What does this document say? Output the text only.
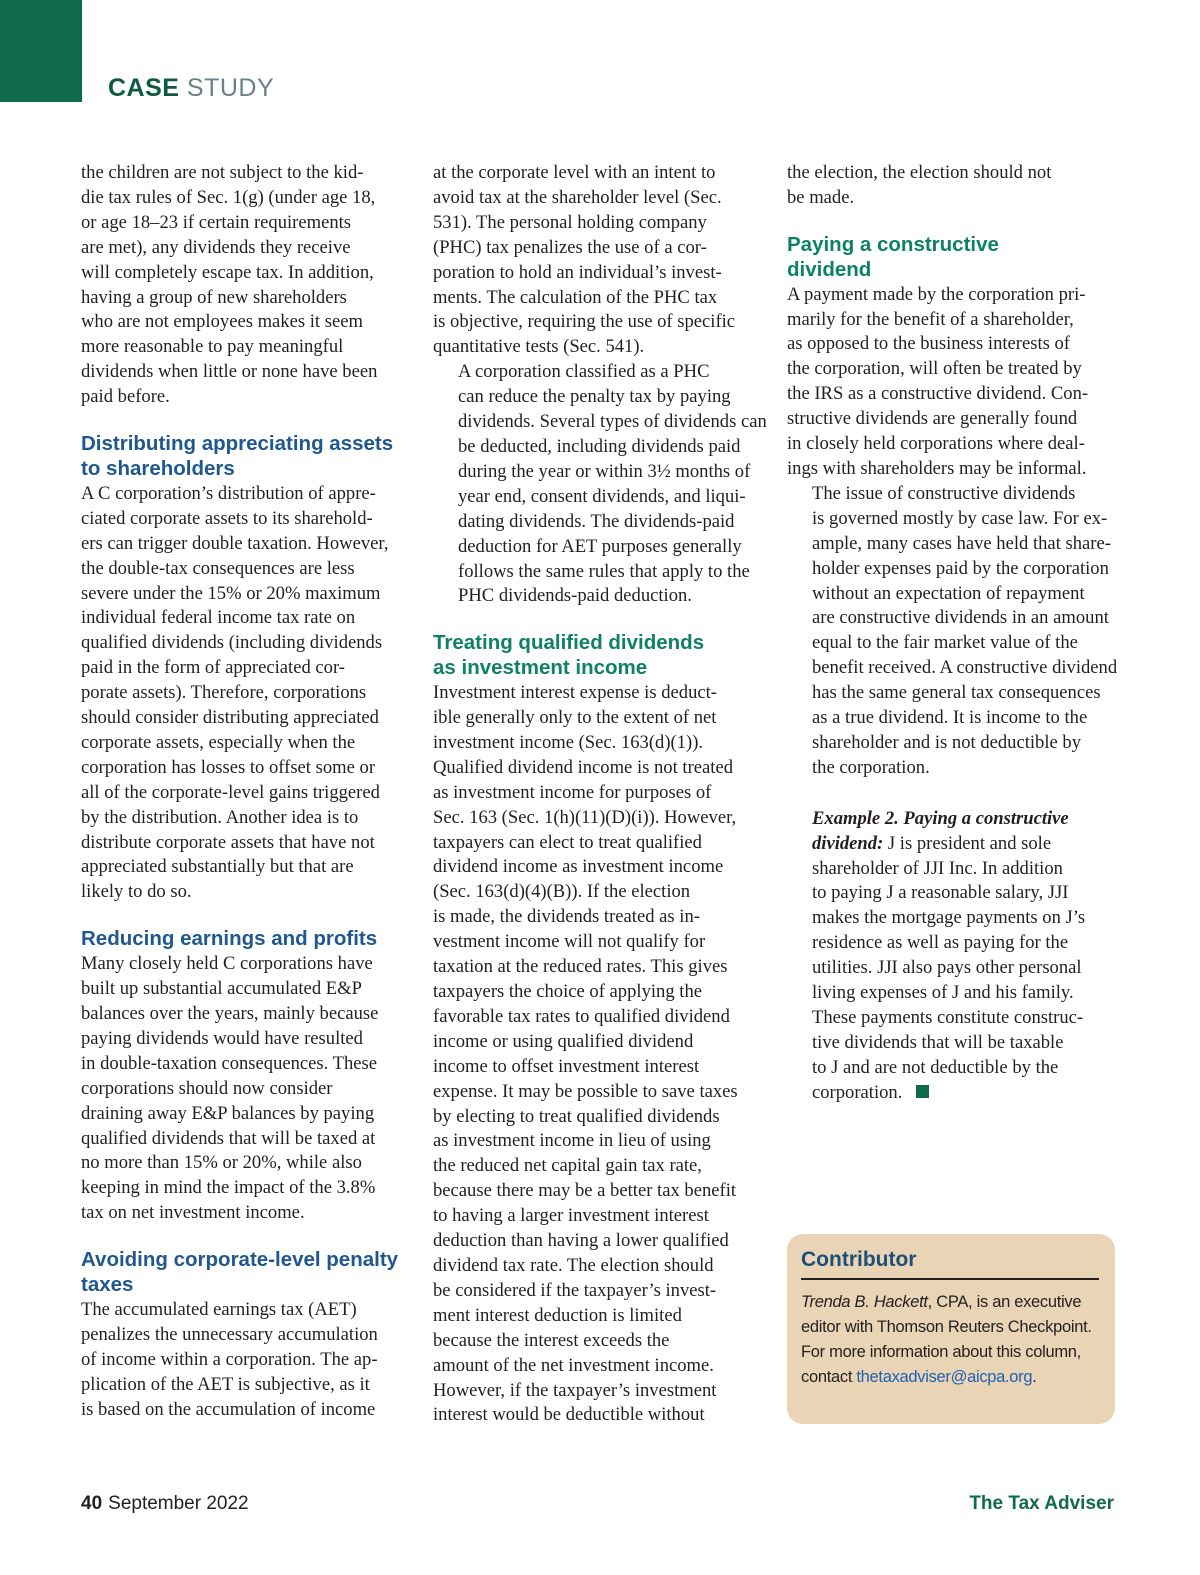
CASE STUDY

the children are not subject to the kid-
die tax rules of Sec. 1(g) (under age 18,
or age 18–23 if certain requirements
are met), any dividends they receive
will completely escape tax. In addition,
having a group of new shareholders
who are not employees makes it seem
more reasonable to pay meaningful
dividends when little or none have been
paid before.

Distributing appreciating assets
to shareholders

A C corporation’s distribution of appre-
ciated corporate assets to its sharehold-
ers can trigger double taxation. However,
the double-tax consequences are less
severe under the 15% or 20% maximum
individual federal income tax rate on
qualified dividends (including dividends
paid in the form of appreciated cor-
porate assets). Therefore, corporations
should consider distributing appreciated
corporate assets, especially when the
corporation has losses to offset some or
all of the corporate-level gains triggered
by the distribution. Another idea is to
distribute corporate assets that have not
appreciated substantially but that are
likely to do so.

Reducing earnings and profits

Many closely held C corporations have
built up substantial accumulated E&P
balances over the years, mainly because
paying dividends would have resulted
in double-taxation consequences. These
corporations should now consider
draining away E&P balances by paying
qualified dividends that will be taxed at
no more than 15% or 20%, while also
keeping in mind the impact of the 3.8%
tax on net investment income.

Avoiding corporate-level penalty
taxes

The accumulated earnings tax (AET)
penalizes the unnecessary accumulation
of income within a corporation. The ap-
plication of the AET is subjective, as it
is based on the accumulation of income

at the corporate level with an intent to
avoid tax at the shareholder level (Sec.
531). The personal holding company
(PHC) tax penalizes the use of a cor-
poration to hold an individual’s invest-
ments. The calculation of the PHC tax
is objective, requiring the use of specific
quantitative tests (Sec. 541).

A corporation classified as a PHC
can reduce the penalty tax by paying
dividends. Several types of dividends can
be deducted, including dividends paid
during the year or within 3½ months of
year end, consent dividends, and liqui-
dating dividends. The dividends-paid
deduction for AET purposes generally
follows the same rules that apply to the
PHC dividends-paid deduction.

Treating qualified dividends
as investment income

Investment interest expense is deduct-
ible generally only to the extent of net
investment income (Sec. 163(d)(1)).
Qualified dividend income is not treated
as investment income for purposes of
Sec. 163 (Sec. 1(h)(11)(D)(i)). However,
taxpayers can elect to treat qualified
dividend income as investment income
(Sec. 163(d)(4)(B)). If the election
is made, the dividends treated as in-
vestment income will not qualify for
taxation at the reduced rates. This gives
taxpayers the choice of applying the
favorable tax rates to qualified dividend
income or using qualified dividend
income to offset investment interest
expense. It may be possible to save taxes
by electing to treat qualified dividends
as investment income in lieu of using
the reduced net capital gain tax rate,
because there may be a better tax benefit
to having a larger investment interest
deduction than having a lower qualified
dividend tax rate. The election should
be considered if the taxpayer’s invest-
ment interest deduction is limited
because the interest exceeds the
amount of the net investment income.
However, if the taxpayer’s investment
interest would be deductible without

the election, the election should not
be made.

Paying a constructive
dividend

A payment made by the corporation pri-
marily for the benefit of a shareholder,
as opposed to the business interests of
the corporation, will often be treated by
the IRS as a constructive dividend. Con-
structive dividends are generally found
in closely held corporations where deal-
ings with shareholders may be informal.

The issue of constructive dividends
is governed mostly by case law. For ex-
ample, many cases have held that share-
holder expenses paid by the corporation
without an expectation of repayment
are constructive dividends in an amount
equal to the fair market value of the
benefit received. A constructive dividend
has the same general tax consequences
as a true dividend. It is income to the
shareholder and is not deductible by
the corporation.

Example 2. Paying a constructive
dividend: J is president and sole
shareholder of JJI Inc. In addition
to paying J a reasonable salary, JJI
makes the mortgage payments on J’s
residence as well as paying for the
utilities. JJI also pays other personal
living expenses of J and his family.
These payments constitute construc-
tive dividends that will be taxable
to J and are not deductible by the
corporation.
Contributor
Trenda B. Hackett, CPA, is an executive
editor with Thomson Reuters Checkpoint.
For more information about this column,
contact thetaxadviser@aicpa.org.
40 September 2022	The Tax Adviser
